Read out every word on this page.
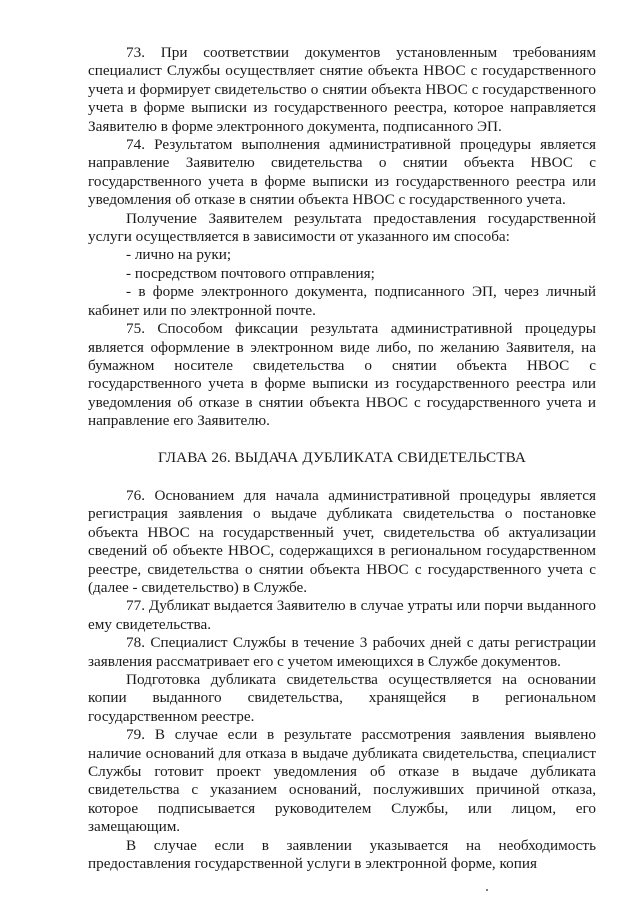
73. При соответствии документов установленным требованиям специалист Службы осуществляет снятие объекта НВОС с государственного учета и формирует свидетельство о снятии объекта НВОС с государственного учета в форме выписки из государственного реестра, которое направляется Заявителю в форме электронного документа, подписанного ЭП.

74. Результатом выполнения административной процедуры является направление Заявителю свидетельства о снятии объекта НВОС с государственного учета в форме выписки из государственного реестра или уведомления об отказе в снятии объекта НВОС с государственного учета.

Получение Заявителем результата предоставления государственной услуги осуществляется в зависимости от указанного им способа:

- лично на руки;

- посредством почтового отправления;

- в форме электронного документа, подписанного ЭП, через личный кабинет или по электронной почте.

75. Способом фиксации результата административной процедуры является оформление в электронном виде либо, по желанию Заявителя, на бумажном носителе свидетельства о снятии объекта НВОС с государственного учета в форме выписки из государственного реестра или уведомления об отказе в снятии объекта НВОС с государственного учета и направление его Заявителю.

ГЛАВА 26. ВЫДАЧА ДУБЛИКАТА СВИДЕТЕЛЬСТВА

76. Основанием для начала административной процедуры является регистрация заявления о выдаче дубликата свидетельства о постановке объекта НВОС на государственный учет, свидетельства об актуализации сведений об объекте НВОС, содержащихся в региональном государственном реестре, свидетельства о снятии объекта НВОС с государственного учета с (далее - свидетельство) в Службе.

77. Дубликат выдается Заявителю в случае утраты или порчи выданного ему свидетельства.

78. Специалист Службы в течение 3 рабочих дней с даты регистрации заявления рассматривает его с учетом имеющихся в Службе документов.

Подготовка дубликата свидетельства осуществляется на основании копии выданного свидетельства, хранящейся в региональном государственном реестре.

79. В случае если в результате рассмотрения заявления выявлено наличие оснований для отказа в выдаче дубликата свидетельства, специалист Службы готовит проект уведомления об отказе в выдаче дубликата свидетельства с указанием оснований, послуживших причиной отказа, которое подписывается руководителем Службы, или лицом, его замещающим.

В случае если в заявлении указывается на необходимость предоставления государственной услуги в электронной форме, копия
